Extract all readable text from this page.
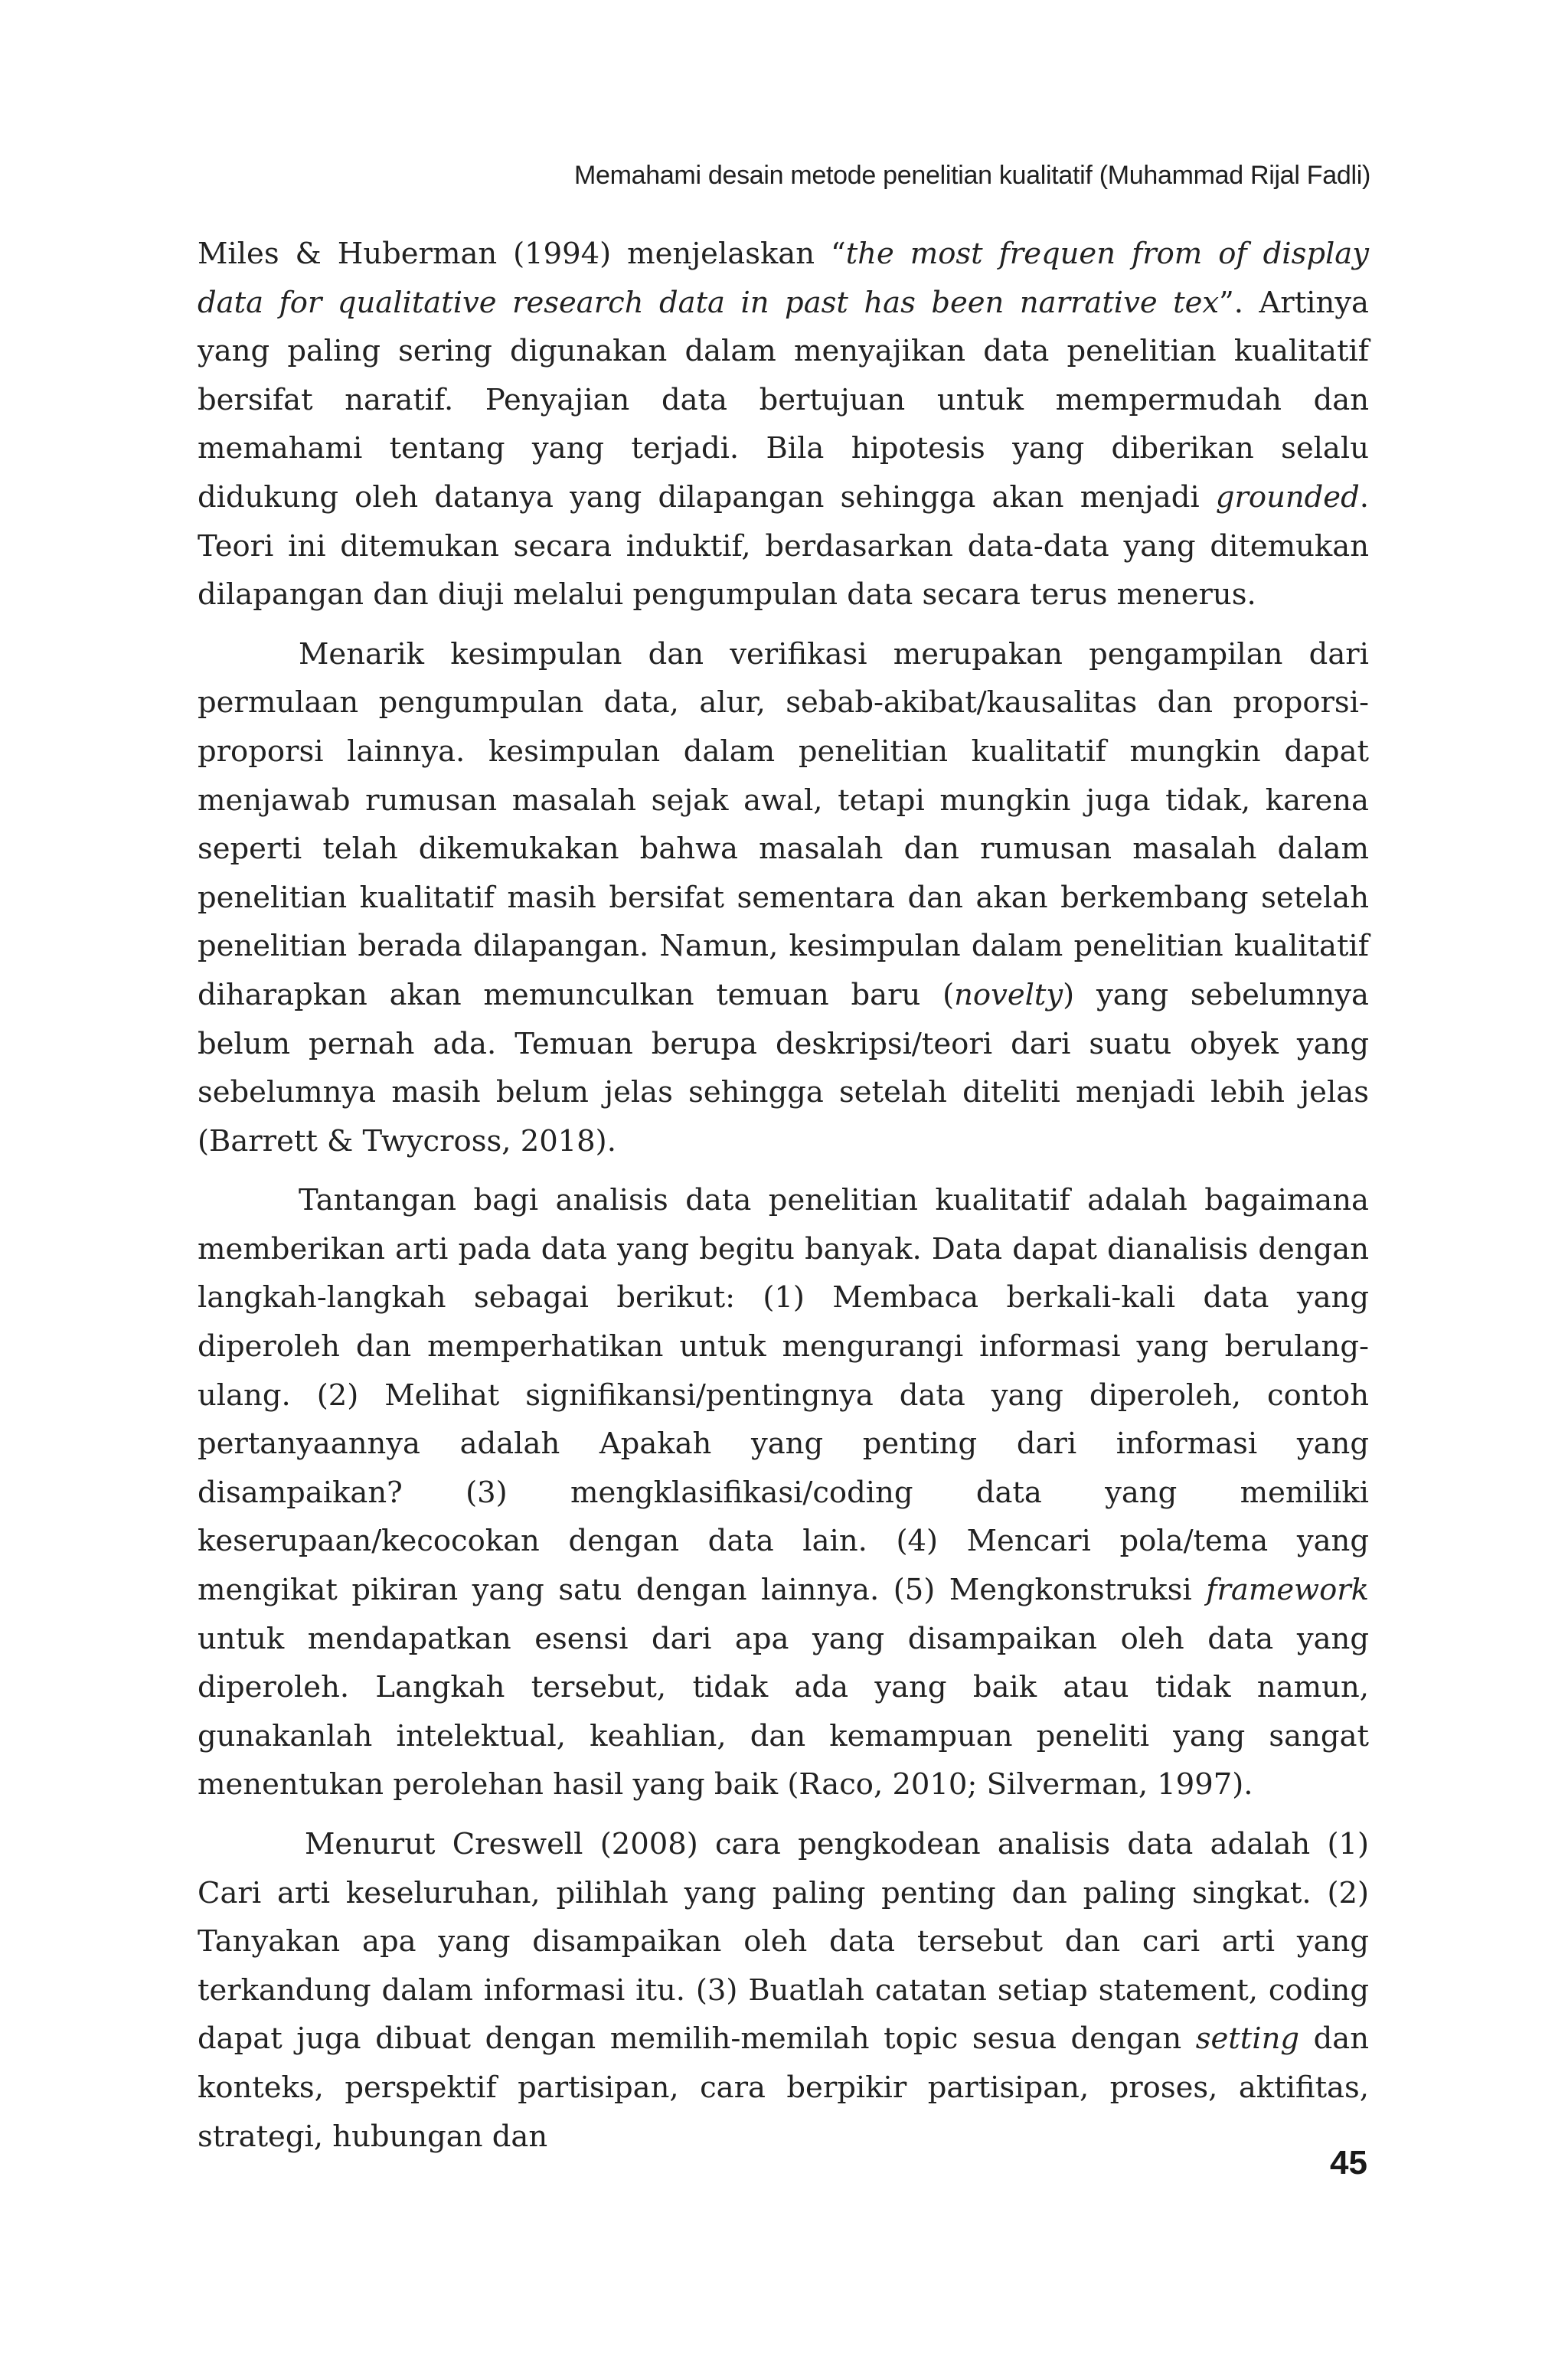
Memahami desain metode penelitian kualitatif (Muhammad Rijal Fadli)

Miles & Huberman (1994) menjelaskan “the most frequen from of display data for qualitative research data in past has been narrative tex”. Artinya yang paling sering digunakan dalam menyajikan data penelitian kualitatif bersifat naratif. Penyajian data bertujuan untuk mempermudah dan memahami tentang yang terjadi. Bila hipotesis yang diberikan selalu didukung oleh datanya yang dilapangan sehingga akan menjadi grounded. Teori ini ditemukan secara induktif, berdasarkan data-data yang ditemukan dilapangan dan diuji melalui pengumpulan data secara terus menerus.

Menarik kesimpulan dan verifikasi merupakan pengampilan dari permulaan pengumpulan data, alur, sebab-akibat/kausalitas dan proporsi-proporsi lainnya. kesimpulan dalam penelitian kualitatif mungkin dapat menjawab rumusan masalah sejak awal, tetapi mungkin juga tidak, karena seperti telah dikemukakan bahwa masalah dan rumusan masalah dalam penelitian kualitatif masih bersifat sementara dan akan berkembang setelah penelitian berada dilapangan. Namun, kesimpulan dalam penelitian kualitatif diharapkan akan memunculkan temuan baru (novelty) yang sebelumnya belum pernah ada. Temuan berupa deskripsi/teori dari suatu obyek yang sebelumnya masih belum jelas sehingga setelah diteliti menjadi lebih jelas (Barrett & Twycross, 2018).

Tantangan bagi analisis data penelitian kualitatif adalah bagaimana memberikan arti pada data yang begitu banyak. Data dapat dianalisis dengan langkah-langkah sebagai berikut: (1) Membaca berkali-kali data yang diperoleh dan memperhatikan untuk mengurangi informasi yang berulang-ulang. (2) Melihat signifikansi/pentingnya data yang diperoleh, contoh pertanyaannya adalah Apakah yang penting dari informasi yang disampaikan? (3) mengklasifikasi/coding data yang memiliki keserupaan/kecocokan dengan data lain. (4) Mencari pola/tema yang mengikat pikiran yang satu dengan lainnya. (5) Mengkonstruksi framework untuk mendapatkan esensi dari apa yang disampaikan oleh data yang diperoleh. Langkah tersebut, tidak ada yang baik atau tidak namun, gunakanlah intelektual, keahlian, dan kemampuan peneliti yang sangat menentukan perolehan hasil yang baik (Raco, 2010; Silverman, 1997).

Menurut Creswell (2008) cara pengkodean analisis data adalah (1) Cari arti keseluruhan, pilihlah yang paling penting dan paling singkat. (2) Tanyakan apa yang disampaikan oleh data tersebut dan cari arti yang terkandung dalam informasi itu. (3) Buatlah catatan setiap statement, coding dapat juga dibuat dengan memilih-memilah topic sesua dengan setting dan konteks, perspektif partisipan, cara berpikir partisipan, proses, aktifitas, strategi, hubungan dan

45
